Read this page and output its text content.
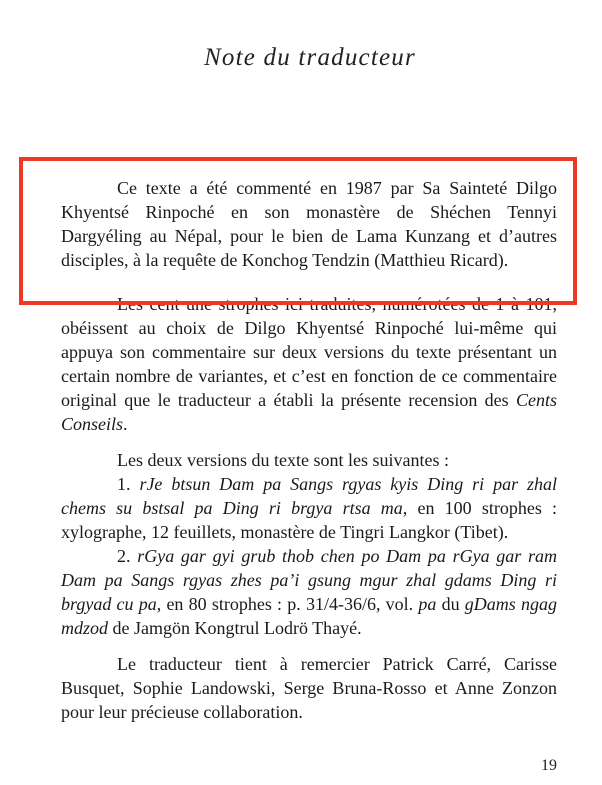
Note du traducteur

Ce texte a été commenté en 1987 par Sa Sainteté Dilgo Khyentsé Rinpoché en son monastère de Shéchen Tennyi Dargyéling au Népal, pour le bien de Lama Kunzang et d’autres disciples, à la requête de Konchog Tendzin (Matthieu Ricard).

Les cent une strophes ici traduites, numérotées de 1 à 101, obéissent au choix de Dilgo Khyentsé Rinpoché lui-même qui appuya son commentaire sur deux versions du texte présentant un certain nombre de variantes, et c’est en fonction de ce commentaire original que le traducteur a établi la présente recension des Cents Conseils.

Les deux versions du texte sont les suivantes :

1. rJe btsun Dam pa Sangs rgyas kyis Ding ri par zhal chems su bstsal pa Ding ri brgya rtsa ma, en 100 strophes : xylographe, 12 feuillets, monastère de Tingri Langkor (Tibet).

2. rGya gar gyi grub thob chen po Dam pa rGya gar ram Dam pa Sangs rgyas zhes pa’i gsung mgur zhal gdams Ding ri brgyad cu pa, en 80 strophes : p. 31/4-36/6, vol. pa du gDams ngag mdzod de Jamgön Kongtrul Lodrö Thayé.

Le traducteur tient à remercier Patrick Carré, Carisse Busquet, Sophie Landowski, Serge Bruna-Rosso et Anne Zonzon pour leur précieuse collaboration.

19
